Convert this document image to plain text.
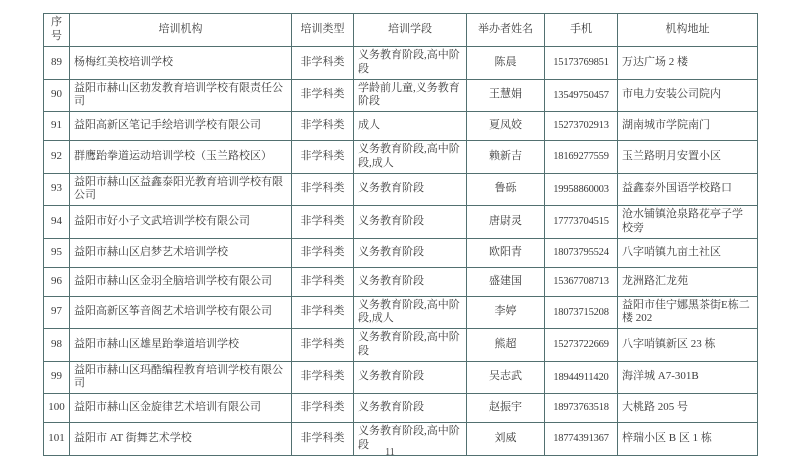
序号	培训机构	培训类型	培训学段	举办者姓名	手机	机构地址
89	杨梅红美校培训学校	非学科类	义务教育阶段,高中阶段	陈晨	15173769851	万达广场 2 楼
90	益阳市赫山区勃发教育培训学校有限责任公司	非学科类	学龄前儿童,义务教育阶段	王慧娟	13549750457	市电力安装公司院内
91	益阳高新区笔记手绘培训学校有限公司	非学科类	成人	夏凤姣	15273702913	湖南城市学院南门
92	群鹰跆拳道运动培训学校（玉兰路校区）	非学科类	义务教育阶段,高中阶段,成人	赖新吉	18169277559	玉兰路明月安置小区
93	益阳市赫山区益鑫泰阳光教育培训学校有限公司	非学科类	义务教育阶段	鲁砾	19958860003	益鑫泰外国语学校路口
94	益阳市好小子文武培训学校有限公司	非学科类	义务教育阶段	唐尉灵	17773704515	沧水铺镇沧泉路花亭子学校旁
95	益阳市赫山区启梦艺术培训学校	非学科类	义务教育阶段	欧阳青	18073795524	八字哨镇九亩土社区
96	益阳市赫山区金羽全脑培训学校有限公司	非学科类	义务教育阶段	盛建国	15367708713	龙洲路汇龙苑
97	益阳高新区筝音阁艺术培训学校有限公司	非学科类	义务教育阶段,高中阶段,成人	李婷	18073715208	益阳市佳宁娜黑茶街E栋二楼 202
98	益阳市赫山区雄星跆拳道培训学校	非学科类	义务教育阶段,高中阶段	熊超	15273722669	八字哨镇新区 23 栋
99	益阳市赫山区玛酷编程教育培训学校有限公司	非学科类	义务教育阶段	吴志武	18944911420	海洋城 A7-301B
100	益阳市赫山区金旋律艺术培训有限公司	非学科类	义务教育阶段	赵振宇	18973763518	大桃路 205 号
101	益阳市 AT 街舞艺术学校	非学科类	义务教育阶段,高中阶段	刘威	18774391367	梓瑞小区 B 区 1 栋
11
